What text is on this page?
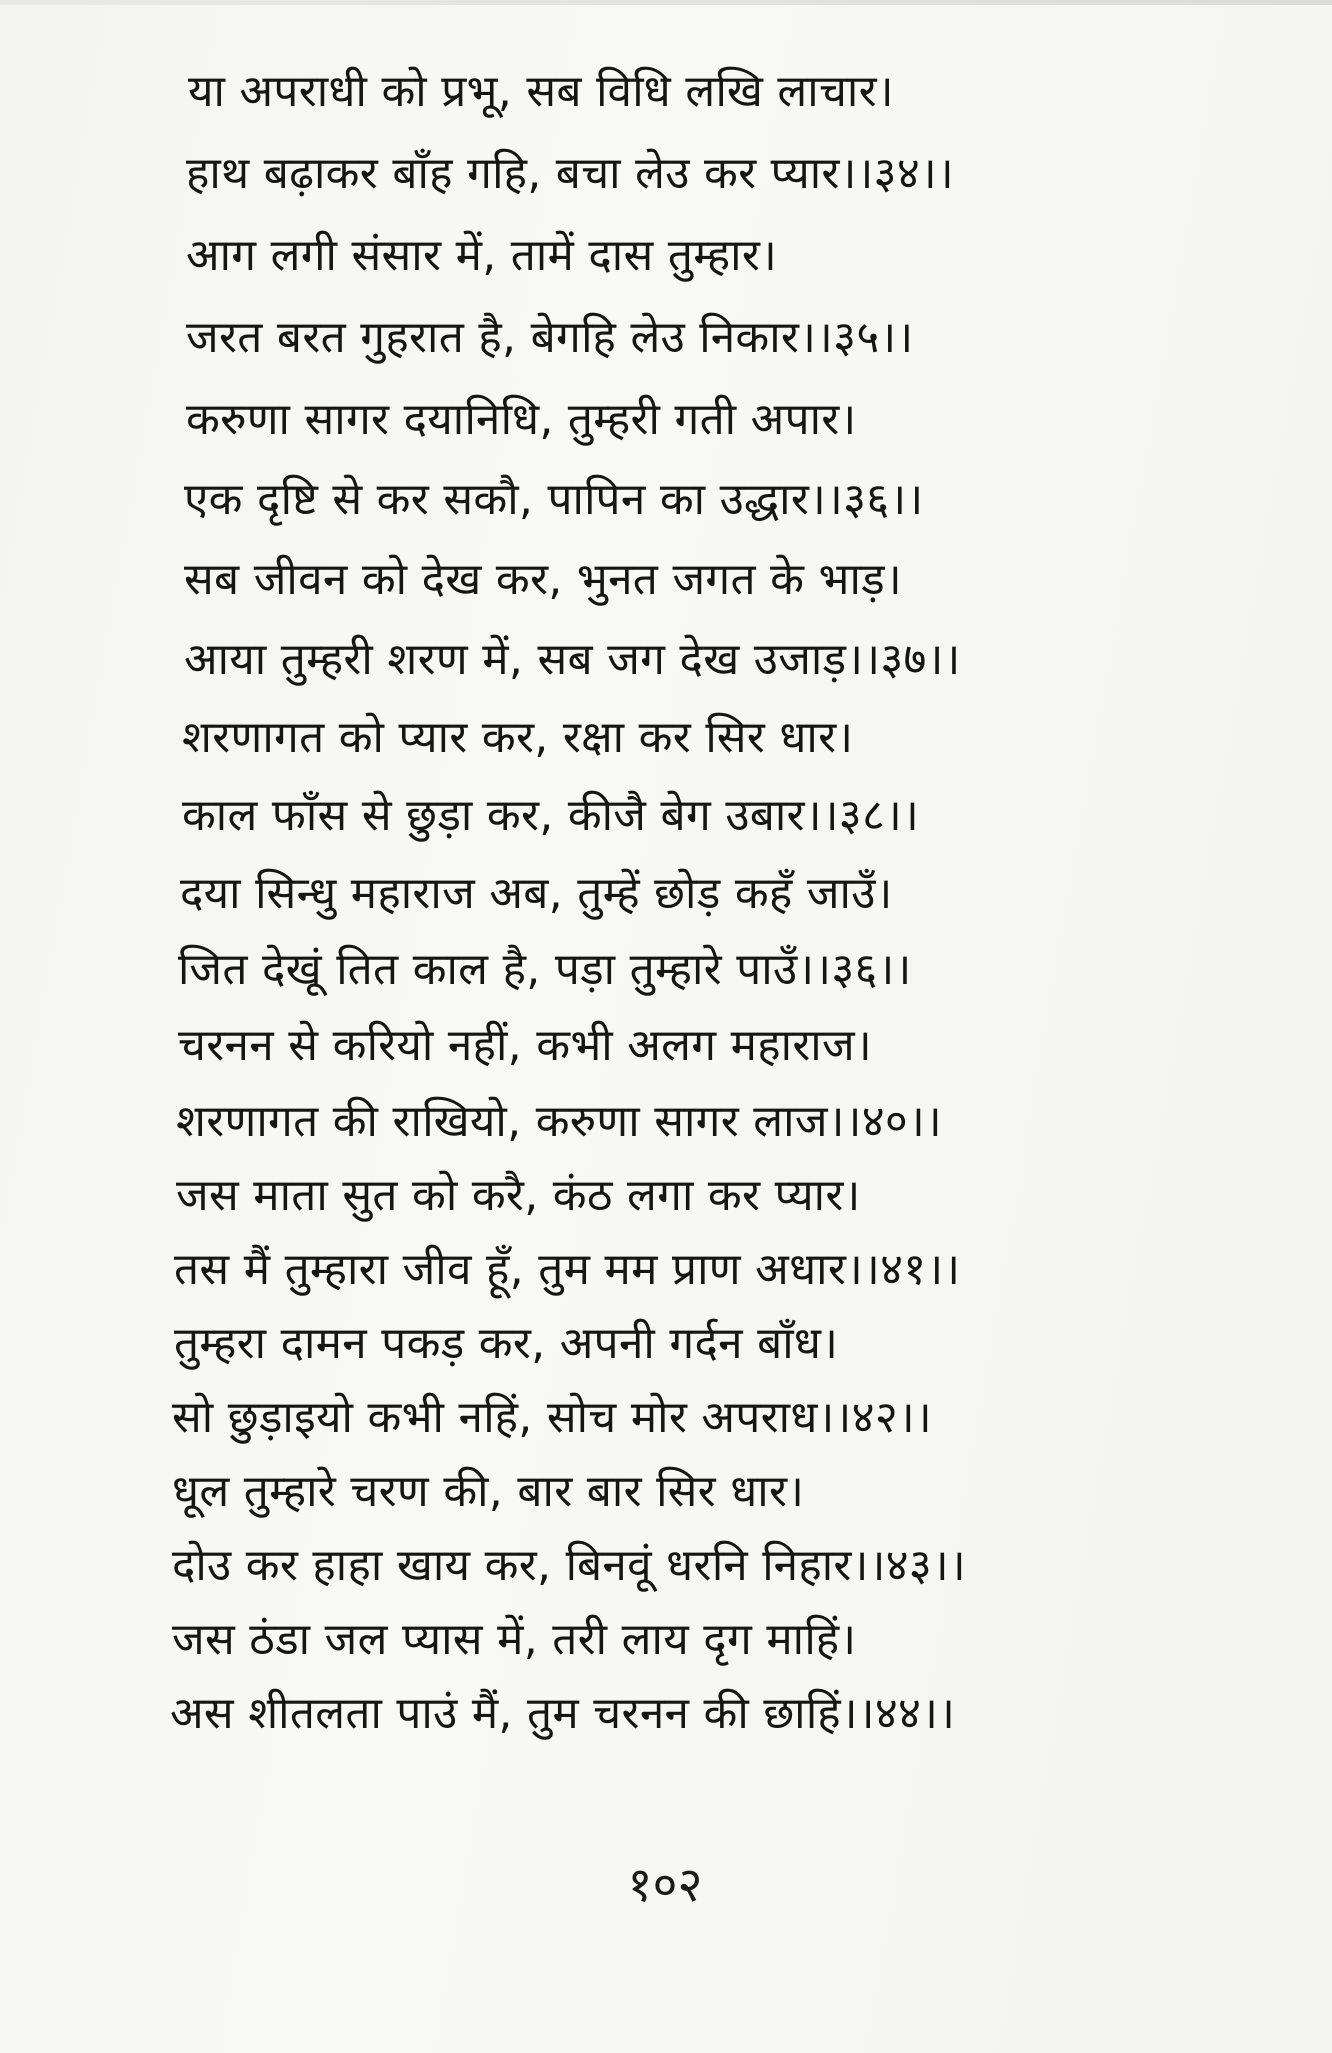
या अपराधी को प्रभू, सब विधि लखि लाचार।
हाथ बढ़ाकर बाँह गहि, बचा लेउ कर प्यार।।३४।।
आग लगी संसार में, तामें दास तुम्हार।
जरत बरत गुहरात है, बेगहि लेउ निकार।।३५।।
करुणा सागर दयानिधि, तुम्हरी गती अपार।
एक दृष्टि से कर सकौ, पापिन का उद्धार।।३६।।
सब जीवन को देख कर, भुनत जगत के भाड़।
आया तुम्हरी शरण में, सब जग देख उजाड़।।३७।।
शरणागत को प्यार कर, रक्षा कर सिर धार।
काल फाँस से छुड़ा कर, कीजै बेग उबार।।३८।।
दया सिन्धु महाराज अब, तुम्हें छोड़ कहँ जाउँ।
जित देखूं तित काल है, पड़ा तुम्हारे पाउँ।।३६।।
चरनन से करियो नहीं, कभी अलग महाराज।
शरणागत की राखियो, करुणा सागर लाज।।४०।।
जस माता सुत को करै, कंठ लगा कर प्यार।
तस मैं तुम्हारा जीव हूँ, तुम मम प्राण अधार।।४१।।
तुम्हरा दामन पकड़ कर, अपनी गर्दन बाँध।
सो छुड़ाइयो कभी नहिं, सोच मोर अपराध।।४२।।
धूल तुम्हारे चरण की, बार बार सिर धार।
दोउ कर हाहा खाय कर, बिनवूं धरनि निहार।।४३।।
जस ठंडा जल प्यास में, तरी लाय दृग माहिं।
अस शीतलता पाउं मैं, तुम चरनन की छाहिं।।४४।।
१०२
